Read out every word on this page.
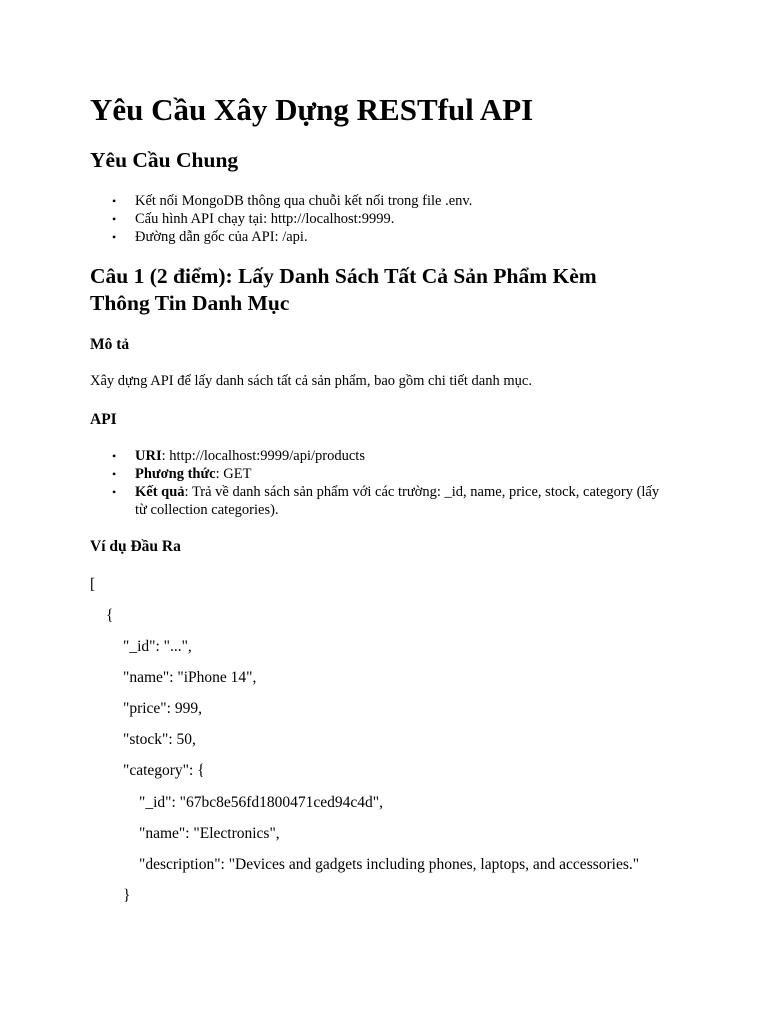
Yêu Cầu Xây Dựng RESTful API
Yêu Cầu Chung
• Kết nối MongoDB thông qua chuỗi kết nối trong file .env.
• Cấu hình API chạy tại: http://localhost:9999.
• Đường dẫn gốc của API: /api.
Câu 1 (2 điểm): Lấy Danh Sách Tất Cả Sản Phẩm Kèm Thông Tin Danh Mục
Mô tả

Xây dựng API để lấy danh sách tất cả sản phẩm, bao gồm chi tiết danh mục.

API
• URI: http://localhost:9999/api/products
• Phương thức: GET
• Kết quả: Trả về danh sách sản phẩm với các trường: _id, name, price, stock, category (lấy từ collection categories).
Ví dụ Đầu Ra

[

{

"_id": "...",

"name": "iPhone 14",

"price": 999,

"stock": 50,

"category": {

"_id": "67bc8e56fd1800471ced94c4d",

"name": "Electronics",

"description": "Devices and gadgets including phones, laptops, and accessories."

}
